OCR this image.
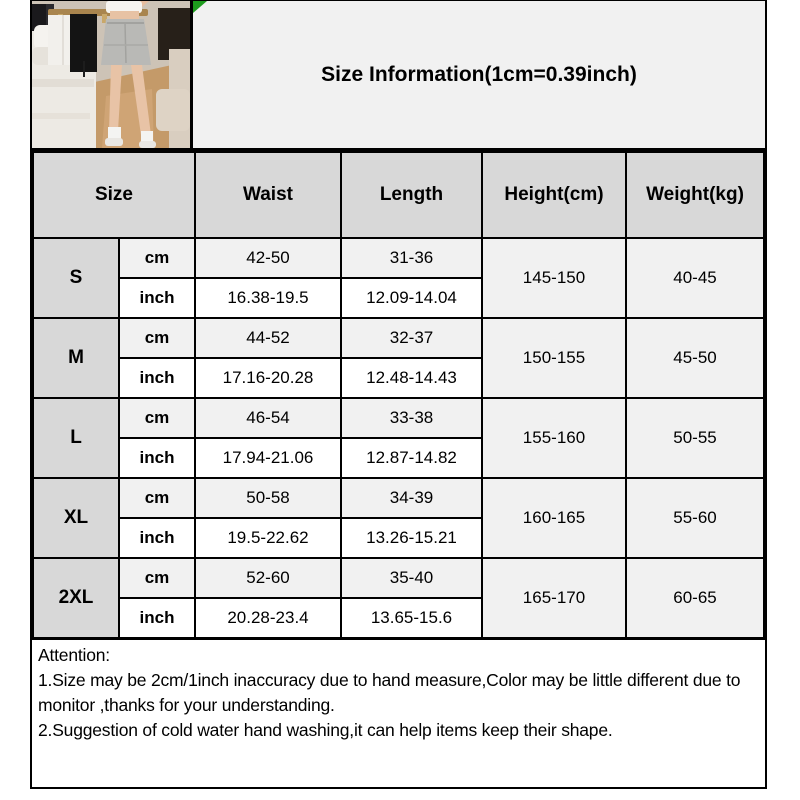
Size Information(1cm=0.39inch)
Size		Waist	Length	Height(cm)	Weight(kg)
S	cm	42-50	31-36	145-150	40-45
	inch	16.38-19.5	12.09-14.04		
M	cm	44-52	32-37	150-155	45-50
	inch	17.16-20.28	12.48-14.43		
L	cm	46-54	33-38	155-160	50-55
	inch	17.94-21.06	12.87-14.82		
XL	cm	50-58	34-39	160-165	55-60
	inch	19.5-22.62	13.26-15.21		
2XL	cm	52-60	35-40	165-170	60-65
	inch	20.28-23.4	13.65-15.6		

Attention:

1.Size may be 2cm/1inch inaccuracy due to hand measure,Color may be little different due to monitor ,thanks for your understanding.

2.Suggestion of cold water hand washing,it can help items keep their shape.
